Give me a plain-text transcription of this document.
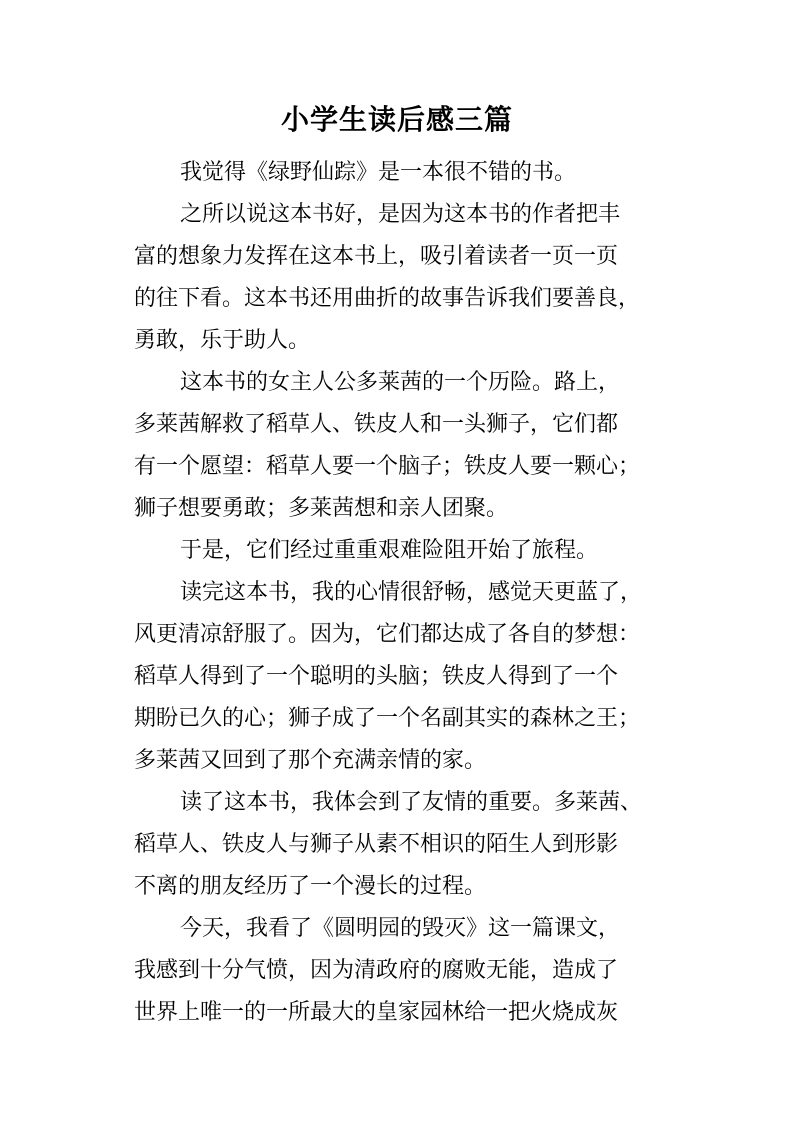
小学生读后感三篇
我觉得《绿野仙踪》是一本很不错的书。
之所以说这本书好，是因为这本书的作者把丰
富的想象力发挥在这本书上，吸引着读者一页一页
的往下看。这本书还用曲折的故事告诉我们要善良，
勇敢，乐于助人。
这本书的女主人公多莱茜的一个历险。路上，
多莱茜解救了稻草人、铁皮人和一头狮子，它们都
有一个愿望：稻草人要一个脑子；铁皮人要一颗心；
狮子想要勇敢；多莱茜想和亲人团聚。
于是，它们经过重重艰难险阻开始了旅程。
读完这本书，我的心情很舒畅，感觉天更蓝了，
风更清凉舒服了。因为，它们都达成了各自的梦想：
稻草人得到了一个聪明的头脑；铁皮人得到了一个
期盼已久的心；狮子成了一个名副其实的森林之王；
多莱茜又回到了那个充满亲情的家。
读了这本书，我体会到了友情的重要。多莱茜、
稻草人、铁皮人与狮子从素不相识的陌生人到形影
不离的朋友经历了一个漫长的过程。
今天，我看了《圆明园的毁灭》这一篇课文，
我感到十分气愤，因为清政府的腐败无能，造成了
世界上唯一的一所最大的皇家园林给一把火烧成灰
